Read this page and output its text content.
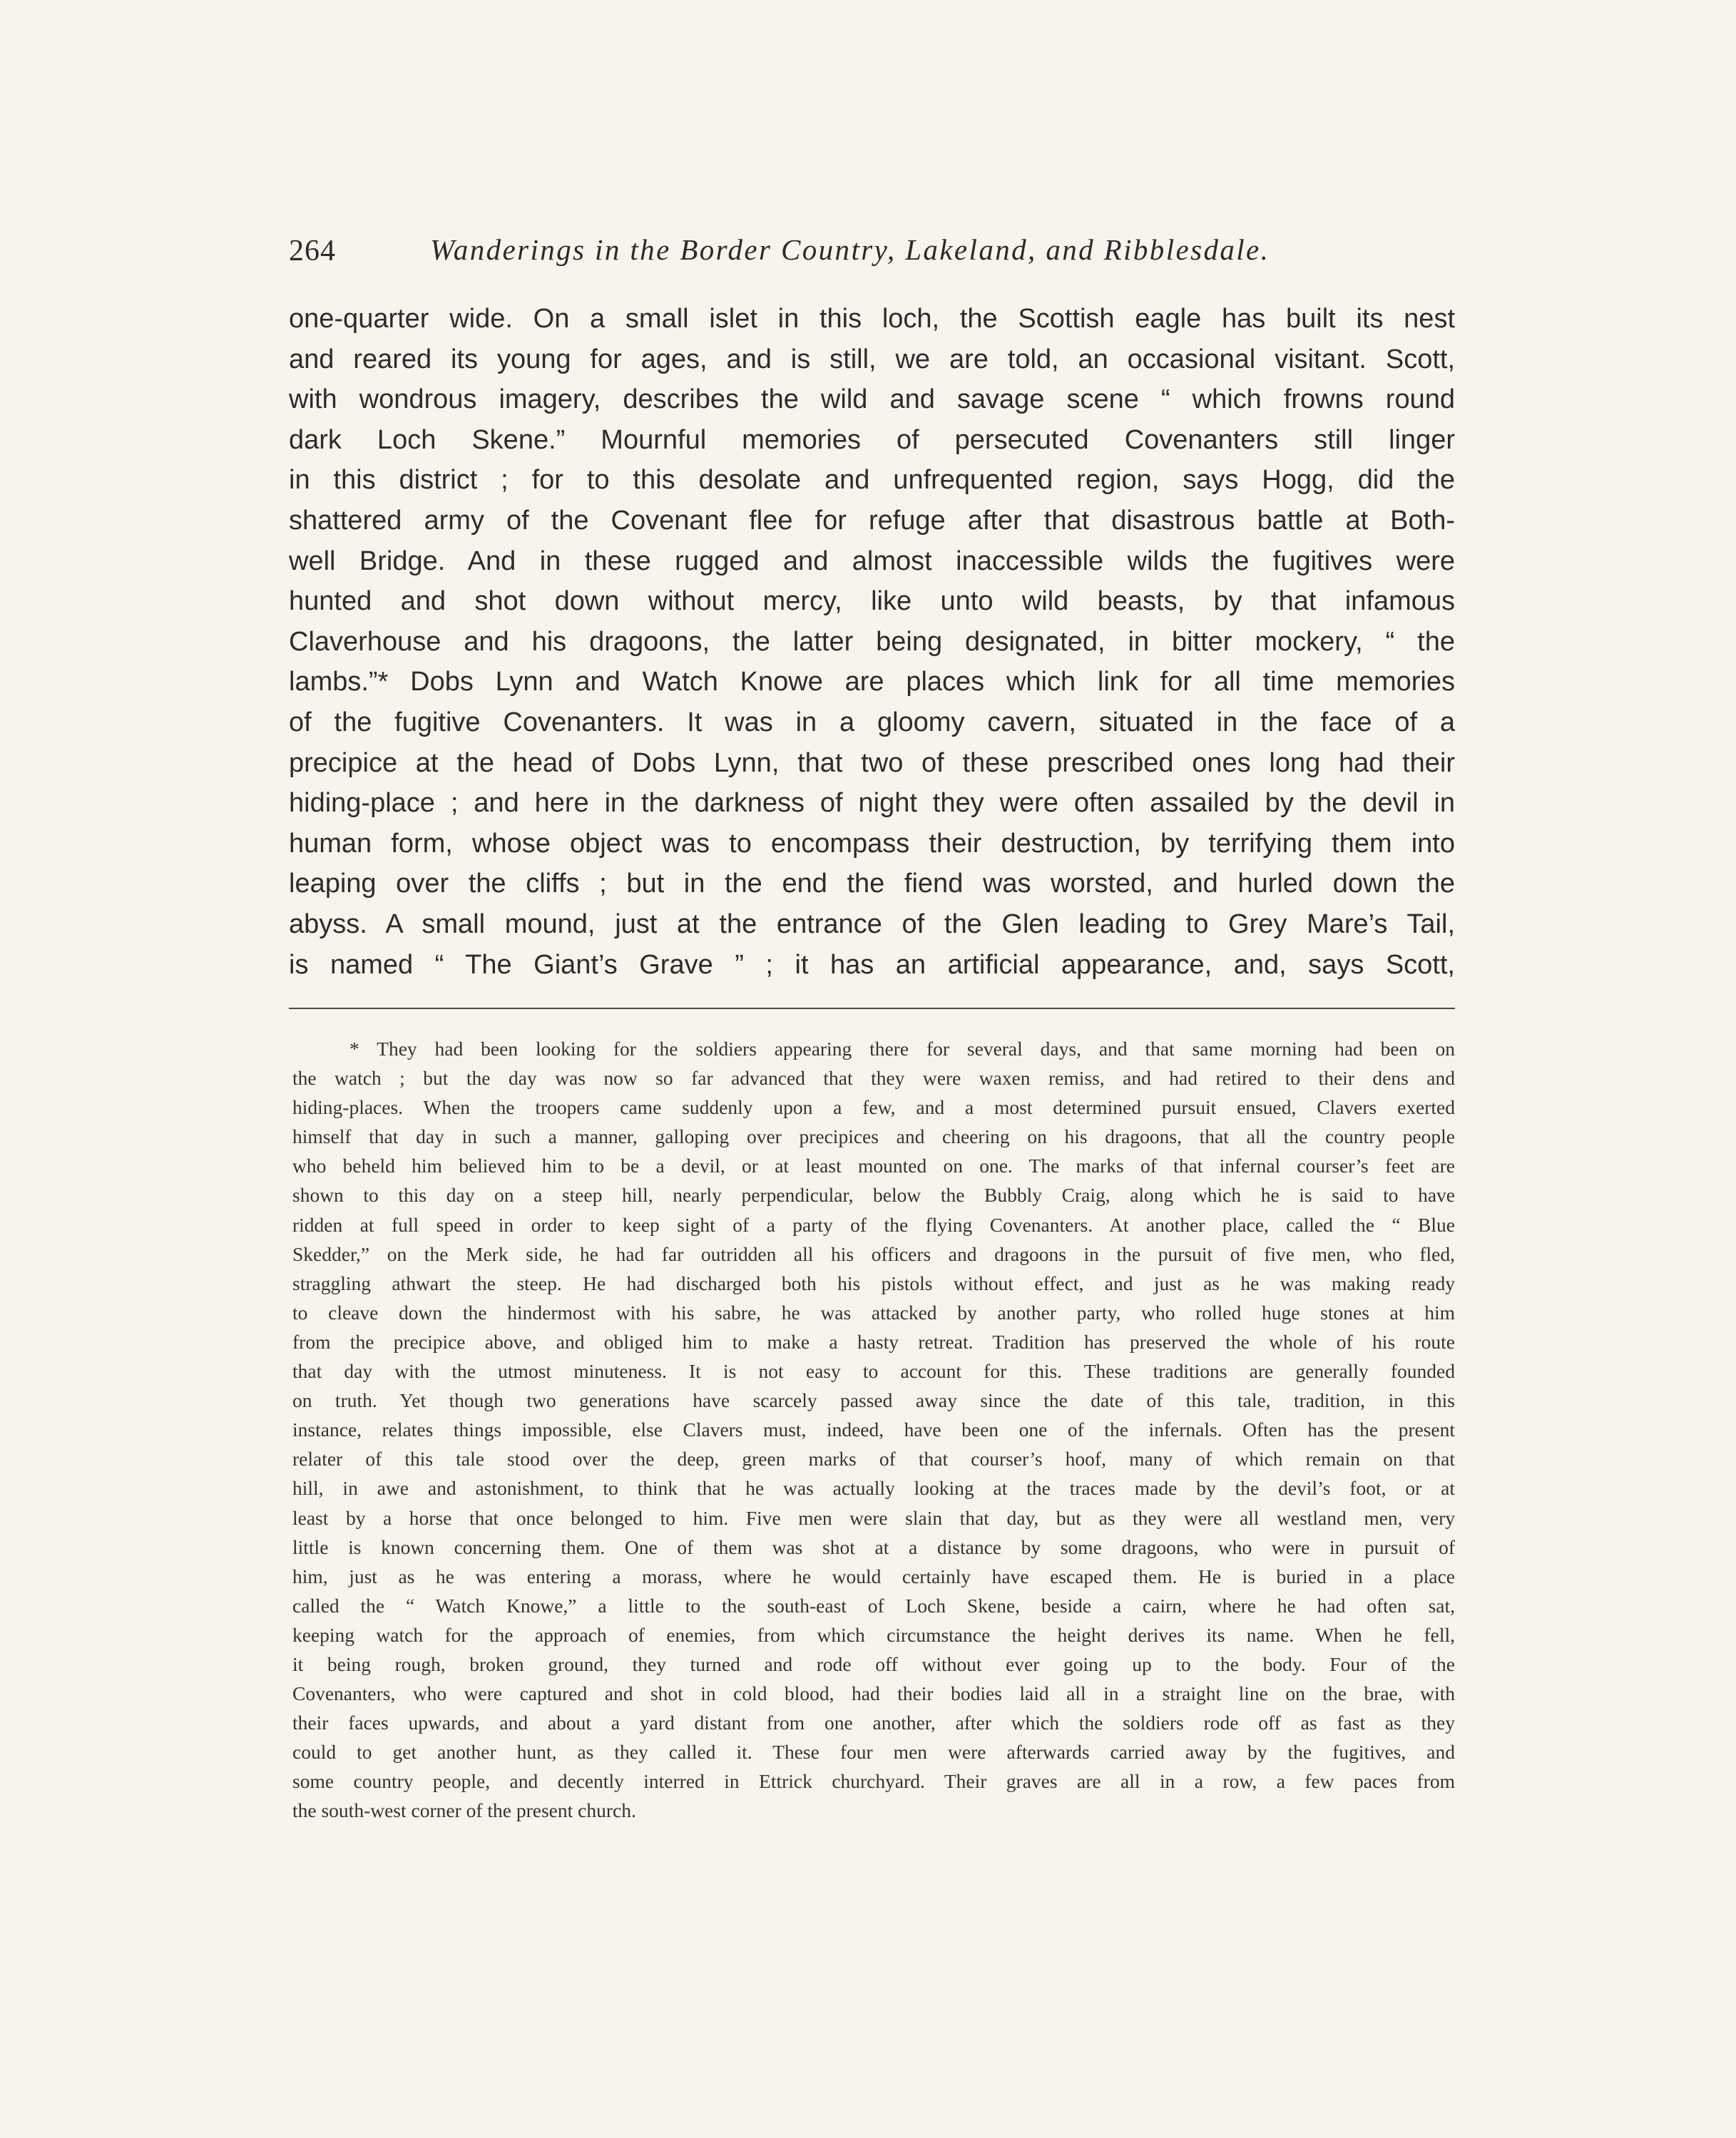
264	Wanderings in the Border Country, Lakeland, and Ribblesdale.
one-quarter wide. On a small islet in this loch, the Scottish eagle has built its nest
and reared its young for ages, and is still, we are told, an occasional visitant. Scott,
with wondrous imagery, describes the wild and savage scene “ which frowns round
dark Loch Skene.” Mournful memories of persecuted Covenanters still linger
in this district ; for to this desolate and unfrequented region, says Hogg, did the
shattered army of the Covenant flee for refuge after that disastrous battle at Both-
well Bridge. And in these rugged and almost inaccessible wilds the fugitives were
hunted and shot down without mercy, like unto wild beasts, by that infamous
Claverhouse and his dragoons, the latter being designated, in bitter mockery, “ the
lambs.”* Dobs Lynn and Watch Knowe are places which link for all time memories
of the fugitive Covenanters. It was in a gloomy cavern, situated in the face of a
precipice at the head of Dobs Lynn, that two of these prescribed ones long had their
hiding-place ; and here in the darkness of night they were often assailed by the devil in
human form, whose object was to encompass their destruction, by terrifying them into
leaping over the cliffs ; but in the end the fiend was worsted, and hurled down the
abyss. A small mound, just at the entrance of the Glen leading to Grey Mare’s Tail,
is named “ The Giant’s Grave ” ; it has an artificial appearance, and, says Scott,
* They had been looking for the soldiers appearing there for several days, and that same morning had been on
the watch ; but the day was now so far advanced that they were waxen remiss, and had retired to their dens and
hiding-places. When the troopers came suddenly upon a few, and a most determined pursuit ensued, Clavers exerted
himself that day in such a manner, galloping over precipices and cheering on his dragoons, that all the country people
who beheld him believed him to be a devil, or at least mounted on one. The marks of that infernal courser’s feet are
shown to this day on a steep hill, nearly perpendicular, below the Bubbly Craig, along which he is said to have
ridden at full speed in order to keep sight of a party of the flying Covenanters. At another place, called the “ Blue
Skedder,” on the Merk side, he had far outridden all his officers and dragoons in the pursuit of five men, who fled,
straggling athwart the steep. He had discharged both his pistols without effect, and just as he was making ready
to cleave down the hindermost with his sabre, he was attacked by another party, who rolled huge stones at him
from the precipice above, and obliged him to make a hasty retreat. Tradition has preserved the whole of his route
that day with the utmost minuteness. It is not easy to account for this. These traditions are generally founded
on truth. Yet though two generations have scarcely passed away since the date of this tale, tradition, in this
instance, relates things impossible, else Clavers must, indeed, have been one of the infernals. Often has the present
relater of this tale stood over the deep, green marks of that courser’s hoof, many of which remain on that
hill, in awe and astonishment, to think that he was actually looking at the traces made by the devil’s foot, or at
least by a horse that once belonged to him. Five men were slain that day, but as they were all westland men, very
little is known concerning them. One of them was shot at a distance by some dragoons, who were in pursuit of
him, just as he was entering a morass, where he would certainly have escaped them. He is buried in a place
called the “ Watch Knowe,” a little to the south-east of Loch Skene, beside a cairn, where he had often sat,
keeping watch for the approach of enemies, from which circumstance the height derives its name. When he fell,
it being rough, broken ground, they turned and rode off without ever going up to the body. Four of the
Covenanters, who were captured and shot in cold blood, had their bodies laid all in a straight line on the brae, with
their faces upwards, and about a yard distant from one another, after which the soldiers rode off as fast as they
could to get another hunt, as they called it. These four men were afterwards carried away by the fugitives, and
some country people, and decently interred in Ettrick churchyard. Their graves are all in a row, a few paces from
the south-west corner of the present church.
